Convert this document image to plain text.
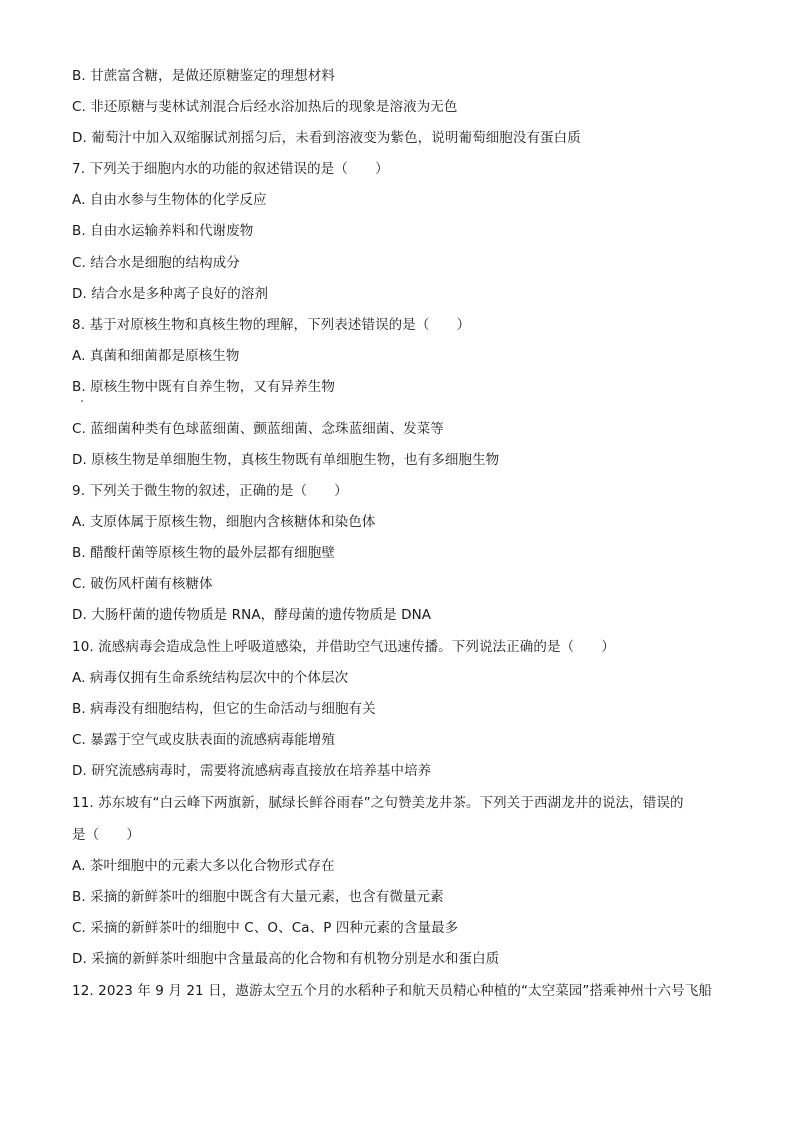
B. 甘蔗富含糖，是做还原糖鉴定的理想材料
C. 非还原糖与斐林试剂混合后经水浴加热后的现象是溶液为无色
D. 葡萄汁中加入双缩脲试剂摇匀后，未看到溶液变为紫色，说明葡萄细胞没有蛋白质
7. 下列关于细胞内水的功能的叙述错误的是（　　）
A. 自由水参与生物体的化学反应
B. 自由水运输养料和代谢废物
C. 结合水是细胞的结构成分
D. 结合水是多种离子良好的溶剂
8. 基于对原核生物和真核生物的理解，下列表述错误的是（　　）
A. 真菌和细菌都是原核生物
B. 原核生物中既有自养生物，又有异养生物
C. 蓝细菌种类有色球蓝细菌、颤蓝细菌、念珠蓝细菌、发菜等
D. 原核生物是单细胞生物，真核生物既有单细胞生物，也有多细胞生物
9. 下列关于微生物的叙述，正确的是（　　）
A. 支原体属于原核生物，细胞内含核糖体和染色体
B. 醋酸杆菌等原核生物的最外层都有细胞壁
C. 破伤风杆菌有核糖体
D. 大肠杆菌的遗传物质是 RNA，酵母菌的遗传物质是 DNA
10. 流感病毒会造成急性上呼吸道感染，并借助空气迅速传播。下列说法正确的是（　　）
A. 病毒仅拥有生命系统结构层次中的个体层次
B. 病毒没有细胞结构，但它的生命活动与细胞有关
C. 暴露于空气或皮肤表面的流感病毒能增殖
D. 研究流感病毒时，需要将流感病毒直接放在培养基中培养
11. 苏东坡有“白云峰下两旗新，腻绿长鲜谷雨春”之句赞美龙井茶。下列关于西湖龙井的说法，错误的
是（　　）
A. 茶叶细胞中的元素大多以化合物形式存在
B. 采摘的新鲜茶叶的细胞中既含有大量元素，也含有微量元素
C. 采摘的新鲜茶叶的细胞中 C、O、Ca、P 四种元素的含量最多
D. 采摘的新鲜茶叶细胞中含量最高的化合物和有机物分别是水和蛋白质
12. 2023 年 9 月 21 日，遨游太空五个月的水稻种子和航天员精心种植的“太空菜园”搭乘神州十六号飞船
